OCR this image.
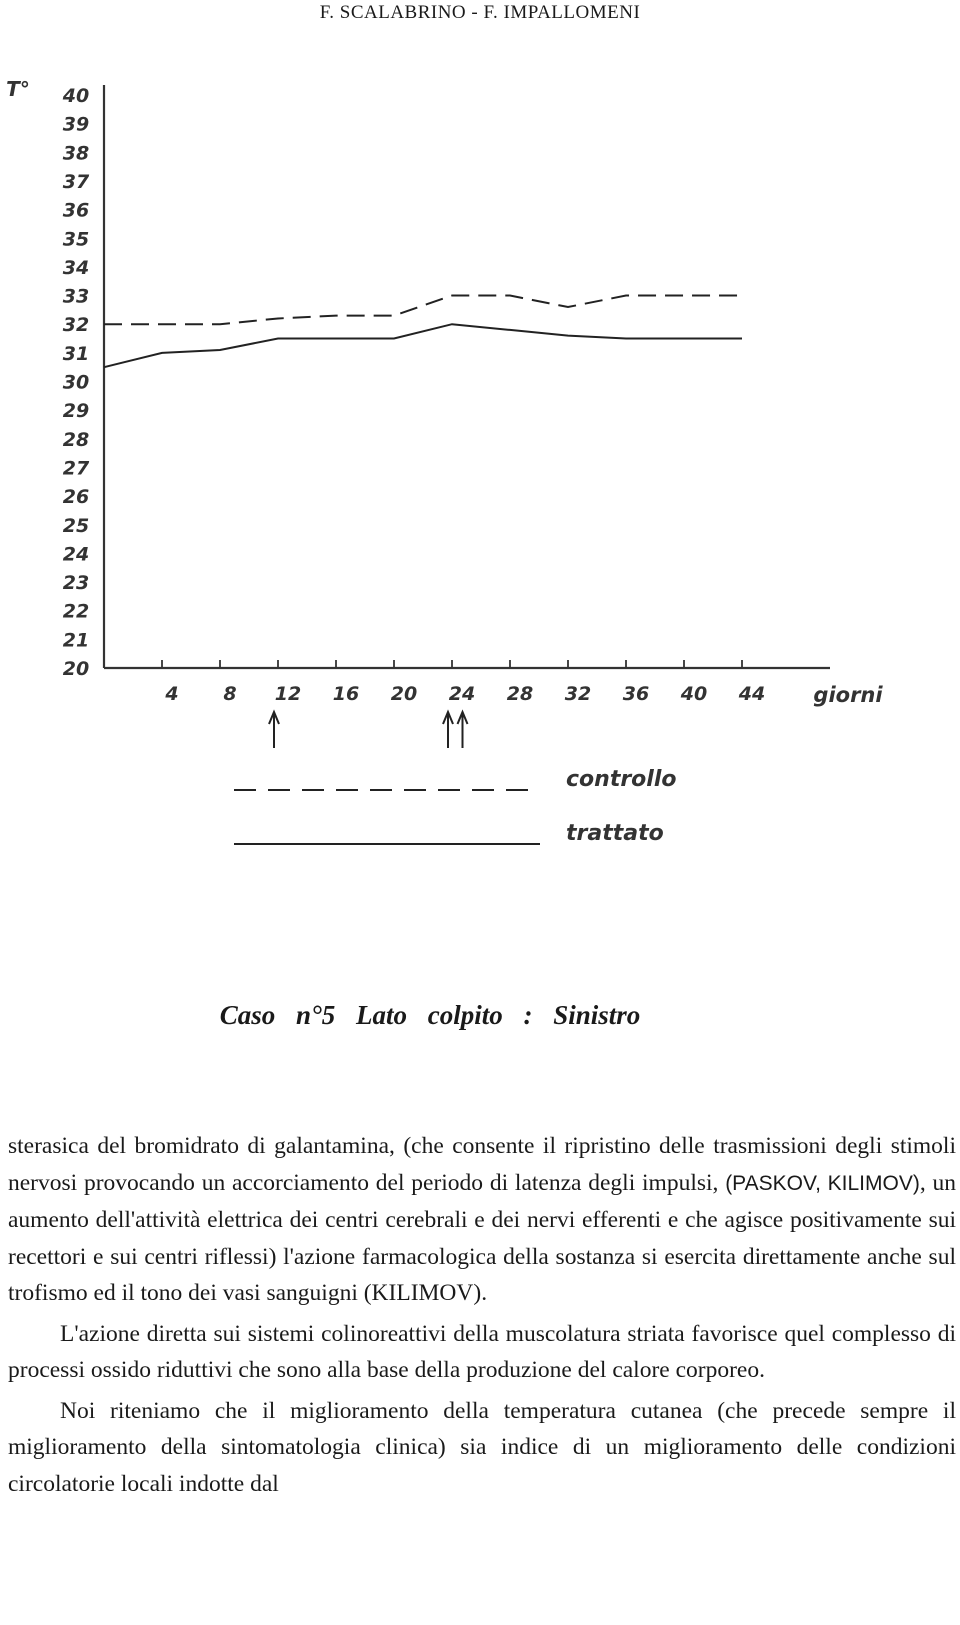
F. SCALABRINO - F. IMPALLOMENI
T° 40
39
38
37
36
35
34
33
32
31
30
29
28
27
26
25
24
23
22
21
20
4 8 12 16 20 24 28 32 36 40 44 giorni
controllo
trattato
Caso n°5 Lato colpito : Sinistro

sterasica del bromidrato di galantamina, (che consente il ripristino delle trasmissioni degli stimoli nervosi provocando un accorciamento del periodo di latenza degli impulsi, (PASKOV, KILIMOV), un aumento dell'attività elettrica dei centri cerebrali e dei nervi efferenti e che agisce positivamente sui recettori e sui centri riflessi) l'azione farmacologica della sostanza si esercita direttamente anche sul trofismo ed il tono dei vasi sanguigni (KILIMOV).

L'azione diretta sui sistemi colinoreattivi della muscolatura striata favorisce quel complesso di processi ossido riduttivi che sono alla base della produzione del calore corporeo.

Noi riteniamo che il miglioramento della temperatura cutanea (che precede sempre il miglioramento della sintomatologia clinica) sia indice di un miglioramento delle condizioni circolatorie locali indotte dal
